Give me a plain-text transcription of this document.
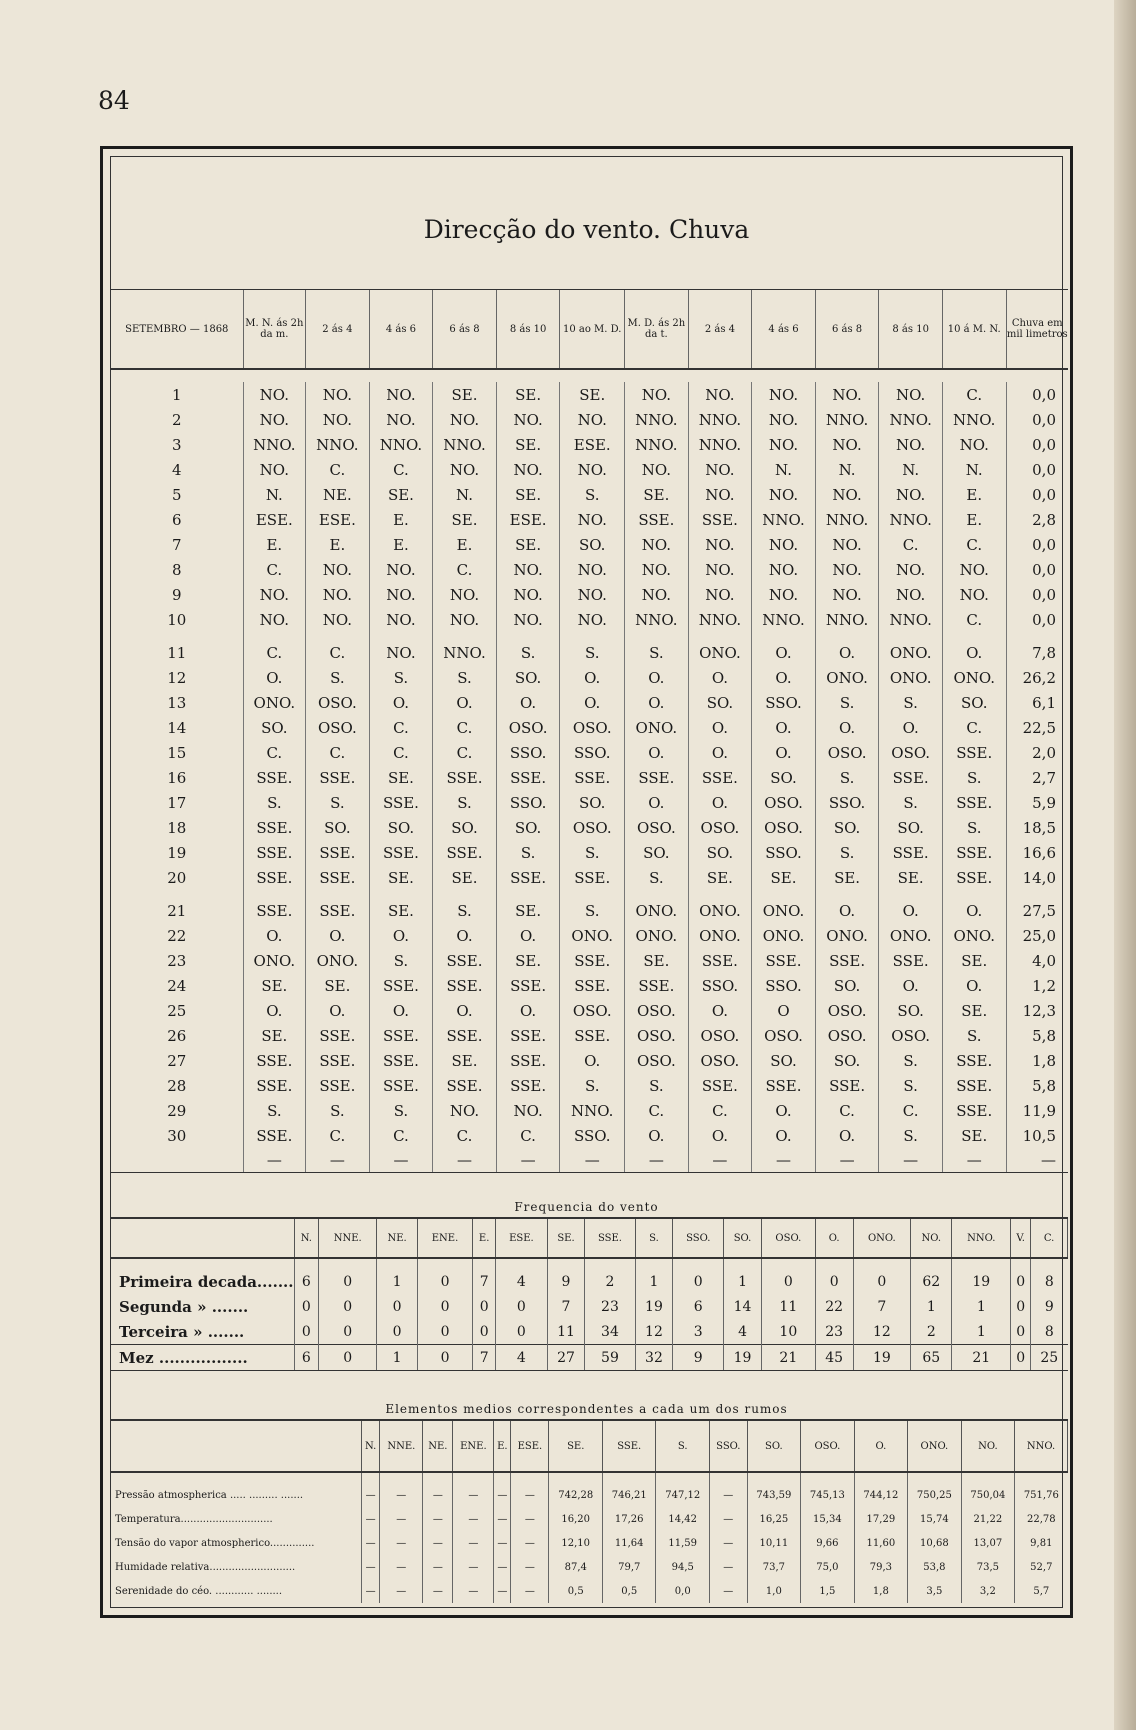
84
Direcção do vento. Chuva
SETEMBRO — 1868	M. N. ás 2h da m.	2 ás 4	4 ás 6	6 ás 8	8 ás 10	10 ao M. D.	M. D. ás 2h da t.	2 ás 4	4 ás 6	6 ás 8	8 ás 10	10 á M. N.	Chuva em mil limetros

1	NO.	NO.	NO.	SE.	SE.	SE.	NO.	NO.	NO.	NO.	NO.	C.	0,0
2	NO.	NO.	NO.	NO.	NO.	NO.	NNO.	NNO.	NO.	NNO.	NNO.	NNO.	0,0
3	NNO.	NNO.	NNO.	NNO.	SE.	ESE.	NNO.	NNO.	NO.	NO.	NO.	NO.	0,0
4	NO.	C.	C.	NO.	NO.	NO.	NO.	NO.	N.	N.	N.	N.	0,0
5	N.	NE.	SE.	N.	SE.	S.	SE.	NO.	NO.	NO.	NO.	E.	0,0
6	ESE.	ESE.	E.	SE.	ESE.	NO.	SSE.	SSE.	NNO.	NNO.	NNO.	E.	2,8
7	E.	E.	E.	E.	SE.	SO.	NO.	NO.	NO.	NO.	C.	C.	0,0
8	C.	NO.	NO.	C.	NO.	NO.	NO.	NO.	NO.	NO.	NO.	NO.	0,0
9	NO.	NO.	NO.	NO.	NO.	NO.	NO.	NO.	NO.	NO.	NO.	NO.	0,0
10	NO.	NO.	NO.	NO.	NO.	NO.	NNO.	NNO.	NNO.	NNO.	NNO.	C.	0,0
11	C.	C.	NO.	NNO.	S.	S.	S.	ONO.	O.	O.	ONO.	O.	7,8
12	O.	S.	S.	S.	SO.	O.	O.	O.	O.	ONO.	ONO.	ONO.	26,2
13	ONO.	OSO.	O.	O.	O.	O.	O.	SO.	SSO.	S.	S.	SO.	6,1
14	SO.	OSO.	C.	C.	OSO.	OSO.	ONO.	O.	O.	O.	O.	C.	22,5
15	C.	C.	C.	C.	SSO.	SSO.	O.	O.	O.	OSO.	OSO.	SSE.	2,0
16	SSE.	SSE.	SE.	SSE.	SSE.	SSE.	SSE.	SSE.	SO.	S.	SSE.	S.	2,7
17	S.	S.	SSE.	S.	SSO.	SO.	O.	O.	OSO.	SSO.	S.	SSE.	5,9
18	SSE.	SO.	SO.	SO.	SO.	OSO.	OSO.	OSO.	OSO.	SO.	SO.	S.	18,5
19	SSE.	SSE.	SSE.	SSE.	S.	S.	SO.	SO.	SSO.	S.	SSE.	SSE.	16,6
20	SSE.	SSE.	SE.	SE.	SSE.	SSE.	S.	SE.	SE.	SE.	SE.	SSE.	14,0
21	SSE.	SSE.	SE.	S.	SE.	S.	ONO.	ONO.	ONO.	O.	O.	O.	27,5
22	O.	O.	O.	O.	O.	ONO.	ONO.	ONO.	ONO.	ONO.	ONO.	ONO.	25,0
23	ONO.	ONO.	S.	SSE.	SE.	SSE.	SE.	SSE.	SSE.	SSE.	SSE.	SE.	4,0
24	SE.	SE.	SSE.	SSE.	SSE.	SSE.	SSE.	SSO.	SSO.	SO.	O.	O.	1,2
25	O.	O.	O.	O.	O.	OSO.	OSO.	O.	O	OSO.	SO.	SE.	12,3
26	SE.	SSE.	SSE.	SSE.	SSE.	SSE.	OSO.	OSO.	OSO.	OSO.	OSO.	S.	5,8
27	SSE.	SSE.	SSE.	SE.	SSE.	O.	OSO.	OSO.	SO.	SO.	S.	SSE.	1,8
28	SSE.	SSE.	SSE.	SSE.	SSE.	S.	S.	SSE.	SSE.	SSE.	S.	SSE.	5,8
29	S.	S.	S.	NO.	NO.	NNO.	C.	C.	O.	C.	C.	SSE.	11,9
30	SSE.	C.	C.	C.	C.	SSO.	O.	O.	O.	O.	S.	SE.	10,5
	—	—	—	—	—	—	—	—	—	—	—	—	—
Frequencia do vento
	N.	NNE.	NE.	ENE.	E.	ESE.	SE.	SSE.	S.	SSO.	SO.	OSO.	O.	ONO.	NO.	NNO.	V.	C.
Primeira decada.......	6	0	1	0	7	4	9	2	1	0	1	0	0	0	62	19	0	8
Segunda » .......	0	0	0	0	0	0	7	23	19	6	14	11	22	7	1	1	0	9
Terceira » .......	0	0	0	0	0	0	11	34	12	3	4	10	23	12	2	1	0	8
Mez .................	6	0	1	0	7	4	27	59	32	9	19	21	45	19	65	21	0	25
Elementos medios correspondentes a cada um dos rumos
	N.	NNE.	NE.	ENE.	E.	ESE.	SE.	SSE.	S.	SSO.	SO.	OSO.	O.	ONO.	NO.	NNO.
Pressão atmospherica ..... ......... .......	—	—	—	—	—	—	742,28	746,21	747,12	—	743,59	745,13	744,12	750,25	750,04	751,76
Temperatura.............................	—	—	—	—	—	—	16,20	17,26	14,42	—	16,25	15,34	17,29	15,74	21,22	22,78
Tensão do vapor atmospherico..............	—	—	—	—	—	—	12,10	11,64	11,59	—	10,11	9,66	11,60	10,68	13,07	9,81
Humidade relativa...........................	—	—	—	—	—	—	87,4	79,7	94,5	—	73,7	75,0	79,3	53,8	73,5	52,7
Serenidade do céo. ............ ........	—	—	—	—	—	—	0,5	0,5	0,0	—	1,0	1,5	1,8	3,5	3,2	5,7
